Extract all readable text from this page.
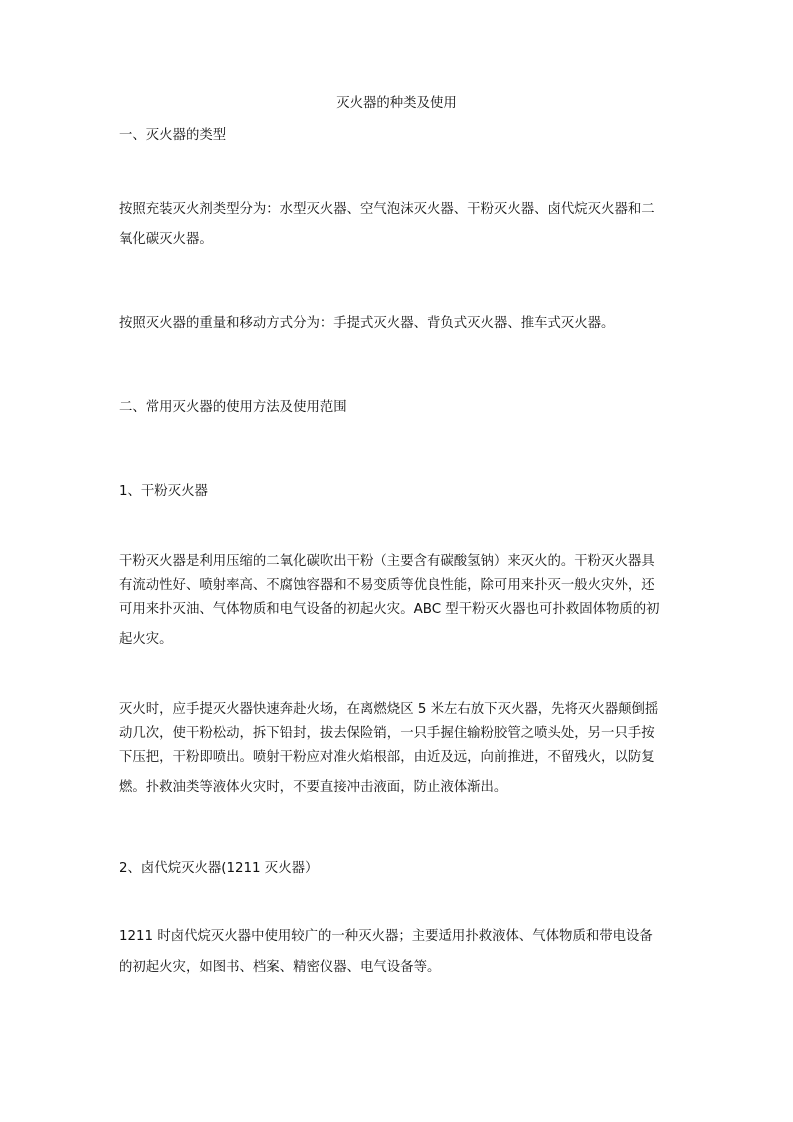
灭火器的种类及使用
一、灭火器的类型
按照充装灭火剂类型分为：水型灭火器、空气泡沫灭火器、干粉灭火器、卤代烷灭火器和二
氧化碳灭火器。
按照灭火器的重量和移动方式分为：手提式灭火器、背负式灭火器、推车式灭火器。
二、常用灭火器的使用方法及使用范围
1、干粉灭火器
干粉灭火器是利用压缩的二氧化碳吹出干粉（主要含有碳酸氢钠）来灭火的。干粉灭火器具
有流动性好、喷射率高、不腐蚀容器和不易变质等优良性能，除可用来扑灭一般火灾外，还
可用来扑灭油、气体物质和电气设备的初起火灾。ABC 型干粉灭火器也可扑救固体物质的初
起火灾。
灭火时，应手提灭火器快速奔赴火场，在离燃烧区 5 米左右放下灭火器，先将灭火器颠倒摇
动几次，使干粉松动，拆下铅封，拔去保险销，一只手握住输粉胶管之喷头处，另一只手按
下压把，干粉即喷出。喷射干粉应对准火焰根部，由近及远，向前推进，不留残火，以防复
燃。扑救油类等液体火灾时，不要直接冲击液面，防止液体渐出。
2、卤代烷灭火器(1211 灭火器）
1211 时卤代烷灭火器中使用较广的一种灭火器；主要适用扑救液体、气体物质和带电设备
的初起火灾，如图书、档案、精密仪器、电气设备等。
